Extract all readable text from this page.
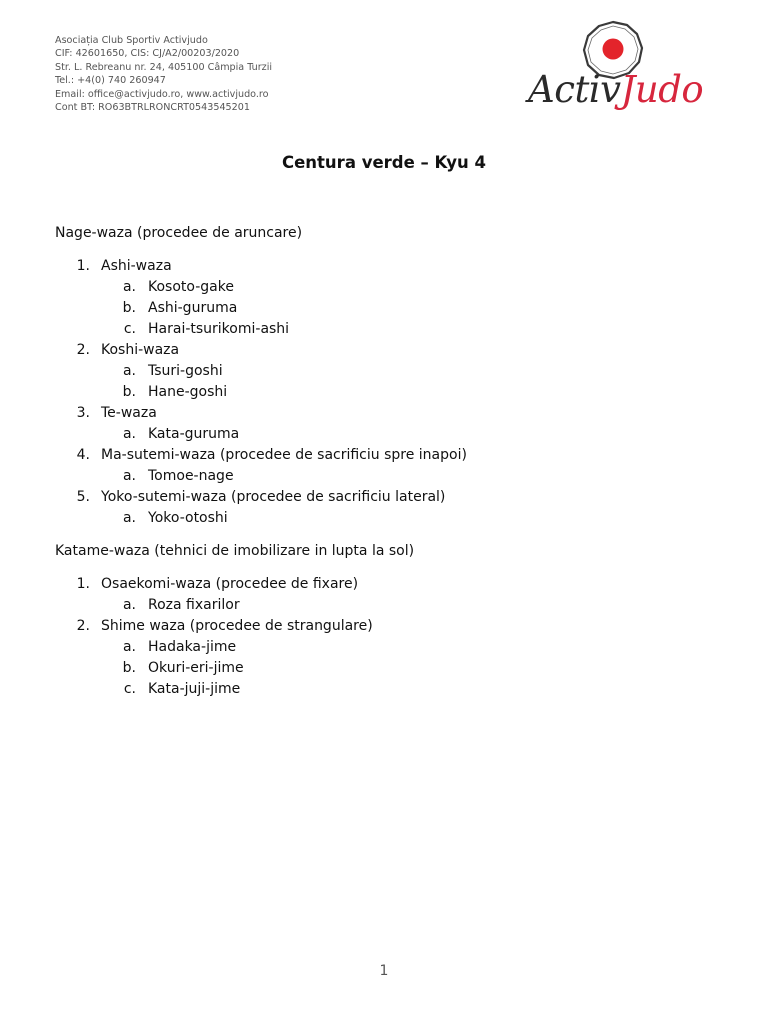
Asociația Club Sportiv Activjudo
CIF: 42601650, CIS: CJ/A2/00203/2020
Str. L. Rebreanu nr. 24, 405100 Câmpia Turzii
Tel.: +4(0) 740 260947
Email: office@activjudo.ro, www.activjudo.ro
Cont BT: RO63BTRLRONCRT0543545201	ActivJudo
Centura verde – Kyu 4
Nage-waza (procedee de aruncare)
1. Ashi-waza
a. Kosoto-gake
b. Ashi-guruma
c. Harai-tsurikomi-ashi
2. Koshi-waza
a. Tsuri-goshi
b. Hane-goshi
3. Te-waza
a. Kata-guruma
4. Ma-sutemi-waza (procedee de sacrificiu spre inapoi)
a. Tomoe-nage
5. Yoko-sutemi-waza (procedee de sacrificiu lateral)
a. Yoko-otoshi
Katame-waza (tehnici de imobilizare in lupta la sol)
1. Osaekomi-waza (procedee de fixare)
a. Roza fixarilor
2. Shime waza (procedee de strangulare)
a. Hadaka-jime
b. Okuri-eri-jime
c. Kata-juji-jime
1
